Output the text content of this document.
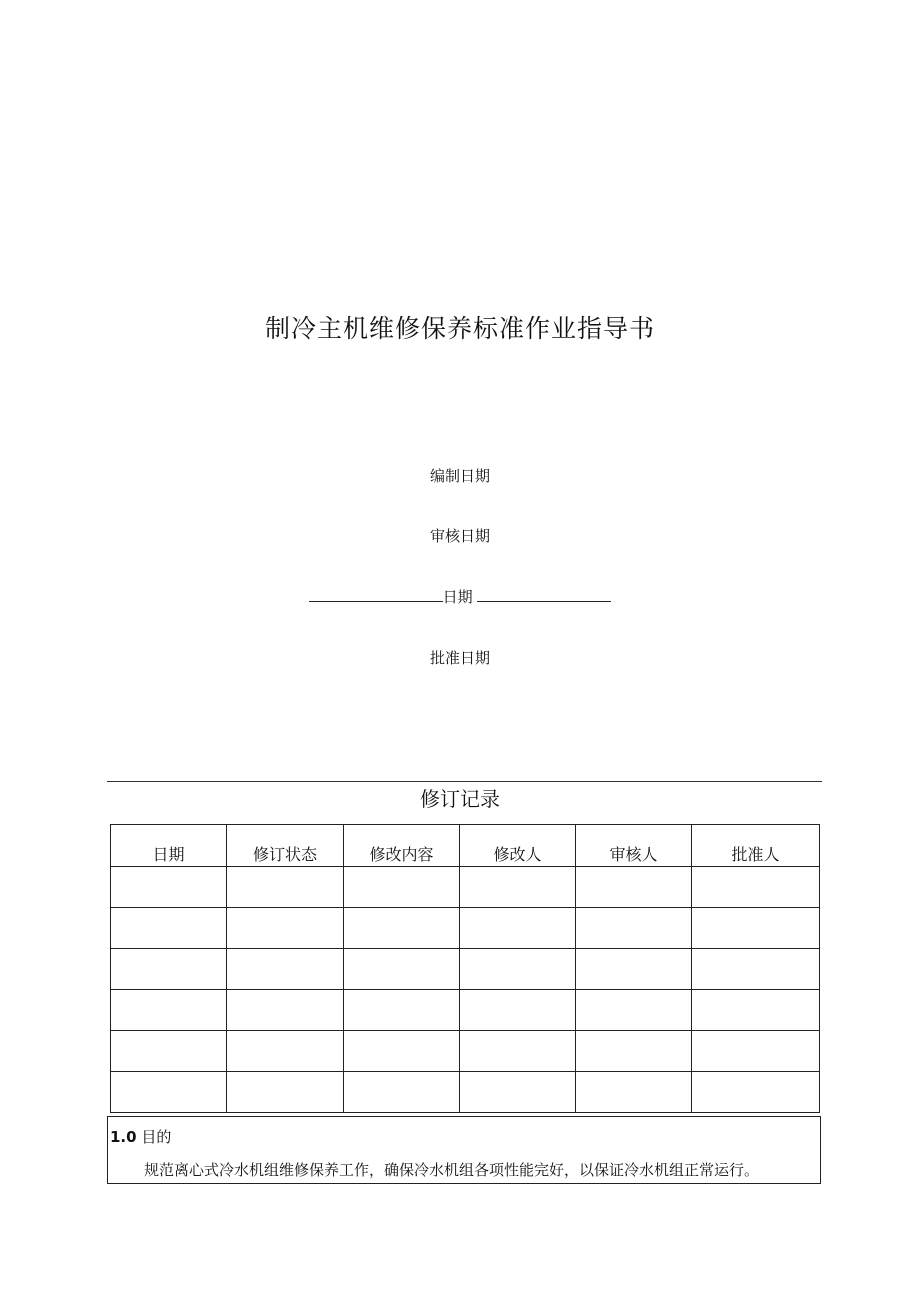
制冷主机维修保养标准作业指导书
编制日期
审核日期
日期
批准日期
修订记录
日期	修订状态	修改内容	修改人	审核人	批准人

1.0 目的
规范离心式冷水机组维修保养工作，确保冷水机组各项性能完好，以保证冷水机组正常运行。
